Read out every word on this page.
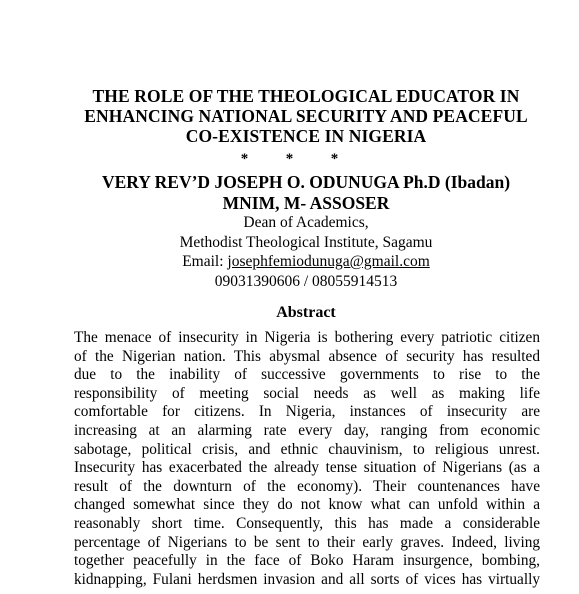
THE ROLE OF THE THEOLOGICAL EDUCATOR IN
ENHANCING NATIONAL SECURITY AND PEACEFUL
CO-EXISTENCE IN NIGERIA
*          *          *
VERY REV’D JOSEPH O. ODUNUGA Ph.D (Ibadan)
MNIM, M- ASSOSER
Dean of Academics,
Methodist Theological Institute, Sagamu
Email: josephfemiodunuga@gmail.com
09031390606 / 08055914513
Abstract
The menace of insecurity in Nigeria is bothering every patriotic citizen
of the Nigerian nation. This abysmal absence of security has resulted
due to the inability of successive governments to rise to the
responsibility of meeting social needs as well as making life
comfortable for citizens. In Nigeria, instances of insecurity are
increasing at an alarming rate every day, ranging from economic
sabotage, political crisis, and ethnic chauvinism, to religious unrest.
Insecurity has exacerbated the already tense situation of Nigerians (as a
result of the downturn of the economy). Their countenances have
changed somewhat since they do not know what can unfold within a
reasonably short time. Consequently, this has made a considerable
percentage of Nigerians to be sent to their early graves. Indeed, living
together peacefully in the face of Boko Haram insurgence, bombing,
kidnapping, Fulani herdsmen invasion and all sorts of vices has virtually
